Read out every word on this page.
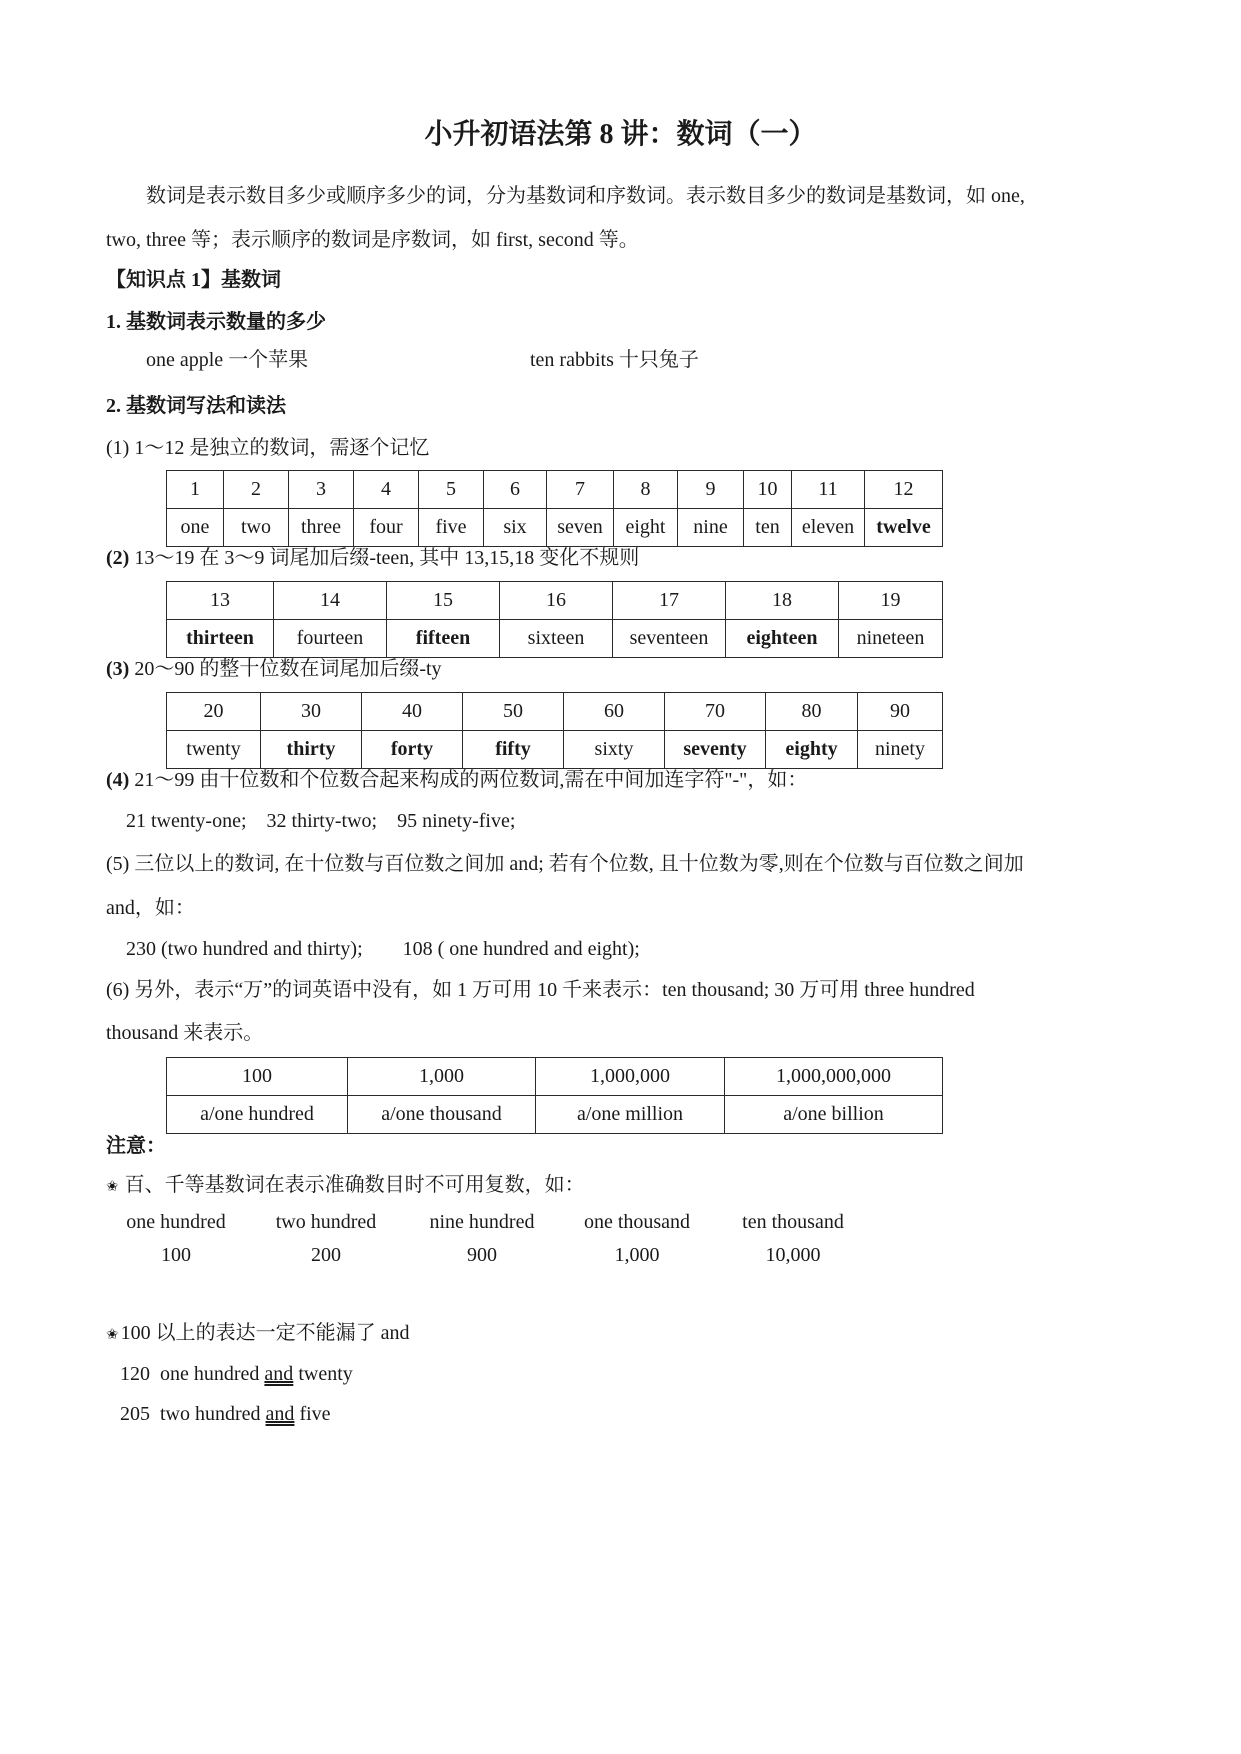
小升初语法第 8 讲：数词（一）
数词是表示数目多少或顺序多少的词，分为基数词和序数词。表示数目多少的数词是基数词，如 one,
two, three 等；表示顺序的数词是序数词，如 first, second 等。
【知识点 1】基数词
1. 基数词表示数量的多少
one apple 一个苹果	ten rabbits 十只兔子
2. 基数词写法和读法
(1) 1～12 是独立的数词，需逐个记忆
1	2	3	4	5	6	7	8	9	10	11	12
one	two	three	four	five	six	seven	eight	nine	ten	eleven	twelve
(2) 13～19 在 3～9 词尾加后缀-teen, 其中 13,15,18 变化不规则
13	14	15	16	17	18	19
thirteen	fourteen	fifteen	sixteen	seventeen	eighteen	nineteen
(3) 20～90 的整十位数在词尾加后缀-ty
20	30	40	50	60	70	80	90
twenty	thirty	forty	fifty	sixty	seventy	eighty	ninety
(4) 21～99 由十位数和个位数合起来构成的两位数词,需在中间加连字符"-"，如：
21 twenty-one;    32 thirty-two;    95 ninety-five;
(5) 三位以上的数词, 在十位数与百位数之间加 and; 若有个位数, 且十位数为零,则在个位数与百位数之间加
and，如：
230 (two hundred and thirty);        108 ( one hundred and eight);
(6) 另外，表示“万”的词英语中没有，如 1 万可用 10 千来表示：ten thousand; 30 万可用 three hundred
thousand 来表示。
100	1,000	1,000,000	1,000,000,000
a/one hundred	a/one thousand	a/one million	a/one billion
注意：
✬ 百、千等基数词在表示准确数目时不可用复数，如：
one hundred	two hundred	nine hundred	one thousand	ten thousand
100	200	900	1,000	10,000
✬ 100 以上的表达一定不能漏了 and
120 one hundred and twenty
205 two hundred and five
